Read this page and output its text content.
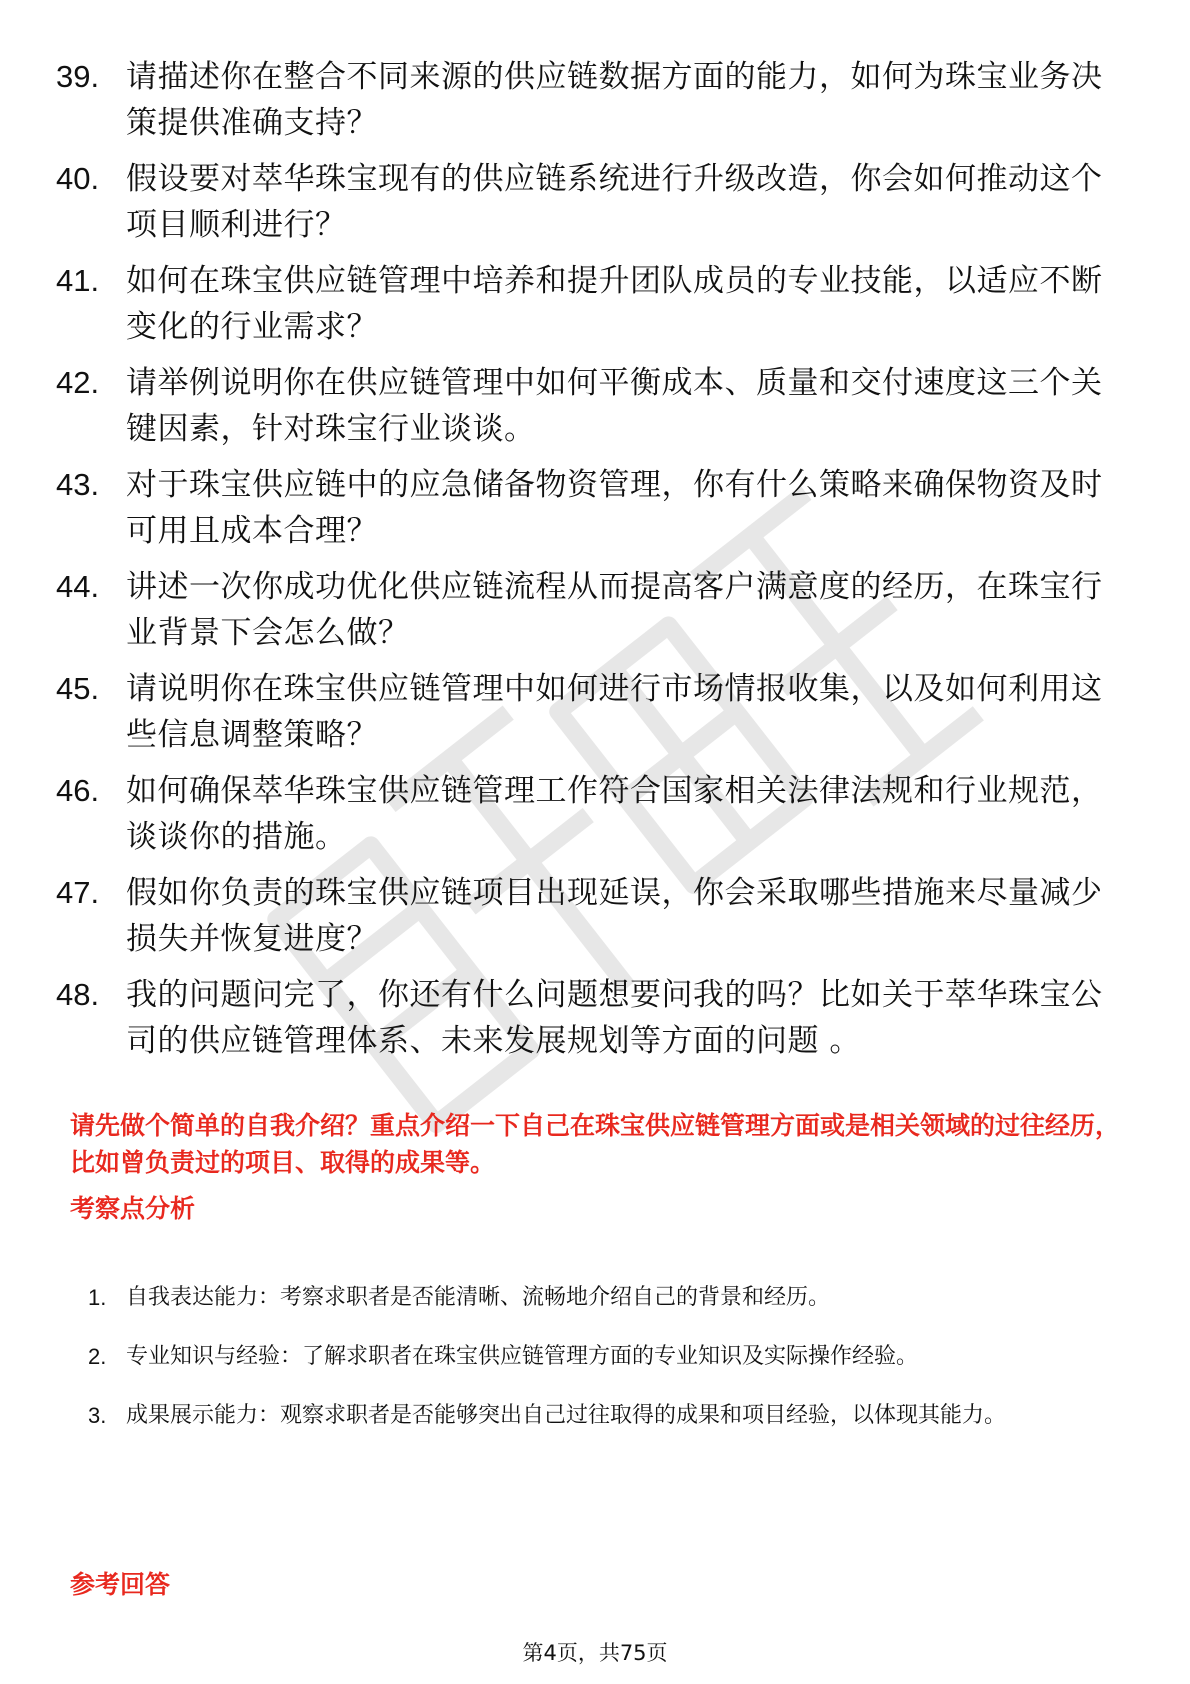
39. 请描述你在整合不同来源的供应链数据方面的能力，如何为珠宝业务决策提供准确支持？
40. 假设要对萃华珠宝现有的供应链系统进行升级改造，你会如何推动这个项目顺利进行？
41. 如何在珠宝供应链管理中培养和提升团队成员的专业技能，以适应不断变化的行业需求？
42. 请举例说明你在供应链管理中如何平衡成本、质量和交付速度这三个关键因素，针对珠宝行业谈谈。
43. 对于珠宝供应链中的应急储备物资管理，你有什么策略来确保物资及时可用且成本合理？
44. 讲述一次你成功优化供应链流程从而提高客户满意度的经历，在珠宝行业背景下会怎么做？
45. 请说明你在珠宝供应链管理中如何进行市场情报收集，以及如何利用这些信息调整策略？
46. 如何确保萃华珠宝供应链管理工作符合国家相关法律法规和行业规范，谈谈你的措施。
47. 假如你负责的珠宝供应链项目出现延误，你会采取哪些措施来尽量减少损失并恢复进度？
48. 我的问题问完了，你还有什么问题想要问我的吗？比如关于萃华珠宝公司的供应链管理体系、未来发展规划等方面的问题 。

请先做个简单的自我介绍？重点介绍一下自己在珠宝供应链管理方面或是相关领域的过往经历，比如曾负责过的项目、取得的成果等。

考察点分析
1. 自我表达能力：考察求职者是否能清晰、流畅地介绍自己的背景和经历。
2. 专业知识与经验：了解求职者在珠宝供应链管理方面的专业知识及实际操作经验。
3. 成果展示能力：观察求职者是否能够突出自己过往取得的成果和项目经验，以体现其能力。
参考回答
第4页，共75页
